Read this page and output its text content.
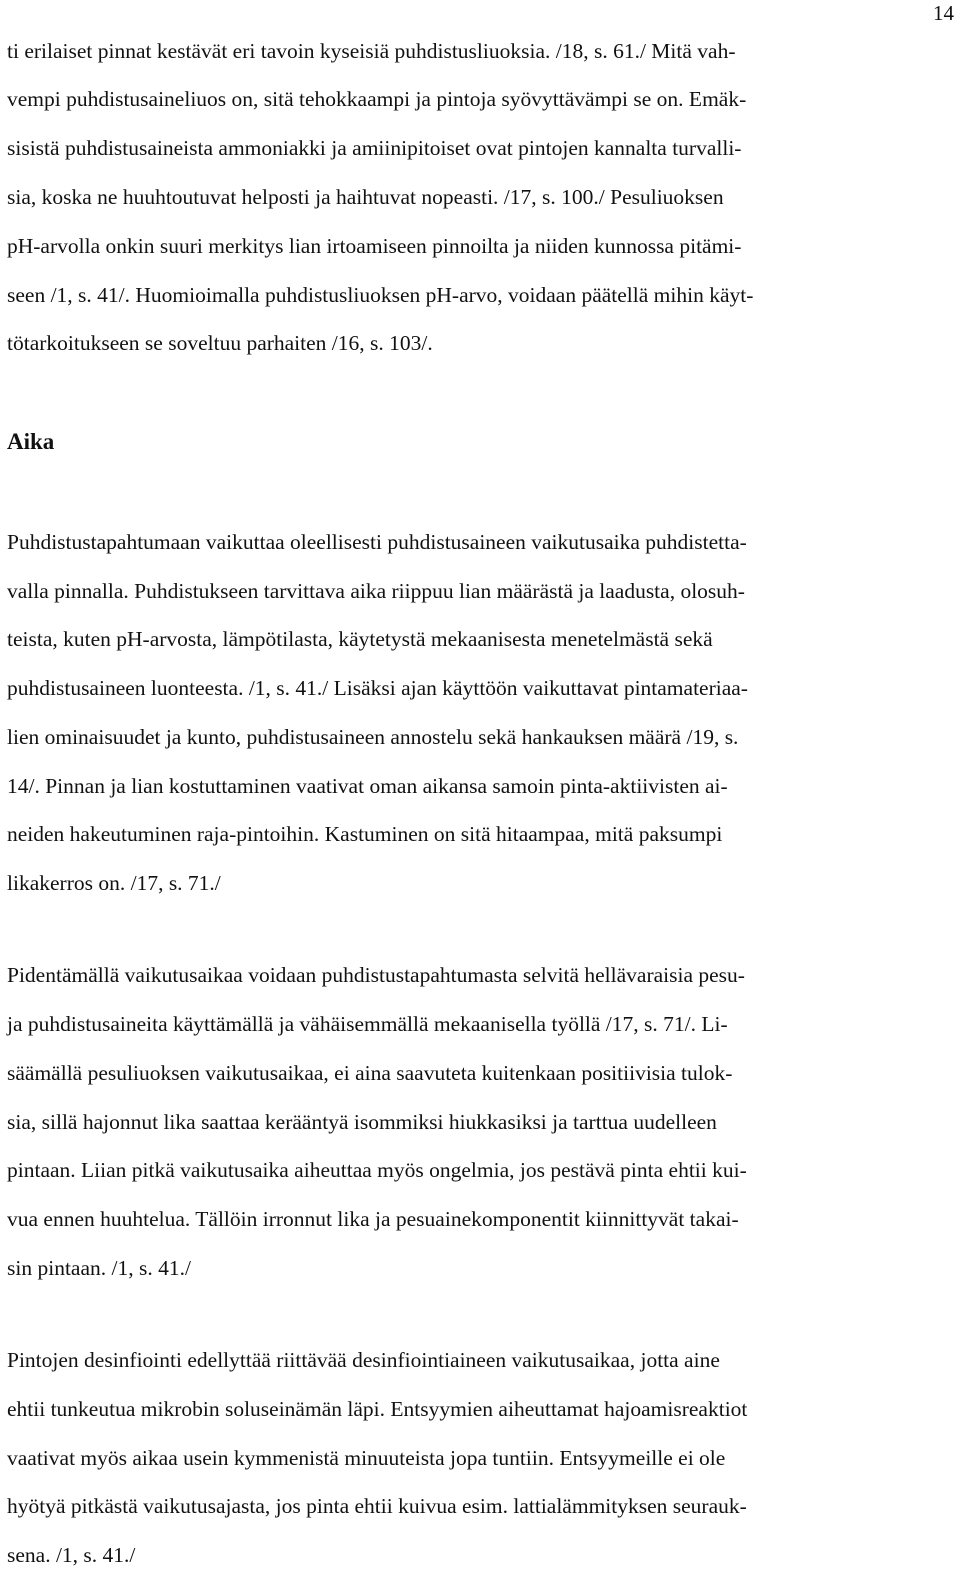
14
ti erilaiset pinnat kestävät eri tavoin kyseisiä puhdistusliuoksia. /18, s. 61./ Mitä vah-
vempi puhdistusaineliuos on, sitä tehokkaampi ja pintoja syövyttävämpi se on. Emäk-
sisistä puhdistusaineista ammoniakki ja amiinipitoiset ovat pintojen kannalta turvalli-
sia, koska ne huuhtoutuvat helposti ja haihtuvat nopeasti. /17, s. 100./ Pesuliuoksen
pH-arvolla onkin suuri merkitys lian irtoamiseen pinnoilta ja niiden kunnossa pitämi-
seen /1, s. 41/. Huomioimalla puhdistusliuoksen pH-arvo, voidaan päätellä mihin käyt-
tötarkoitukseen se soveltuu parhaiten /16, s. 103/.
Aika
Puhdistustapahtumaan vaikuttaa oleellisesti puhdistusaineen vaikutusaika puhdistetta-
valla pinnalla. Puhdistukseen tarvittava aika riippuu lian määrästä ja laadusta, olosuh-
teista, kuten pH-arvosta, lämpötilasta, käytetystä mekaanisesta menetelmästä sekä
puhdistusaineen luonteesta. /1, s. 41./ Lisäksi ajan käyttöön vaikuttavat pintamateriaa-
lien ominaisuudet ja kunto, puhdistusaineen annostelu sekä hankauksen määrä /19, s.
14/. Pinnan ja lian kostuttaminen vaativat oman aikansa samoin pinta-aktiivisten ai-
neiden hakeutuminen raja-pintoihin. Kastuminen on sitä hitaampaa, mitä paksumpi
likakerros on. /17, s. 71./
Pidentämällä vaikutusaikaa voidaan puhdistustapahtumasta selvitä hellävaraisia pesu-
ja puhdistusaineita käyttämällä ja vähäisemmällä mekaanisella työllä /17, s. 71/. Li-
säämällä pesuliuoksen vaikutusaikaa, ei aina saavuteta kuitenkaan positiivisia tulok-
sia, sillä hajonnut lika saattaa kerääntyä isommiksi hiukkasiksi ja tarttua uudelleen
pintaan. Liian pitkä vaikutusaika aiheuttaa myös ongelmia, jos pestävä pinta ehtii kui-
vua ennen huuhtelua. Tällöin irronnut lika ja pesuainekomponentit kiinnittyvät takai-
sin pintaan. /1, s. 41./
Pintojen desinfiointi edellyttää riittävää desinfiointiaineen vaikutusaikaa, jotta aine
ehtii tunkeutua mikrobin soluseinämän läpi. Entsyymien aiheuttamat hajoamisreaktiot
vaativat myös aikaa usein kymmenistä minuuteista jopa tuntiin. Entsyymeille ei ole
hyötyä pitkästä vaikutusajasta, jos pinta ehtii kuivua esim. lattialämmityksen seurauk-
sena. /1, s. 41./
